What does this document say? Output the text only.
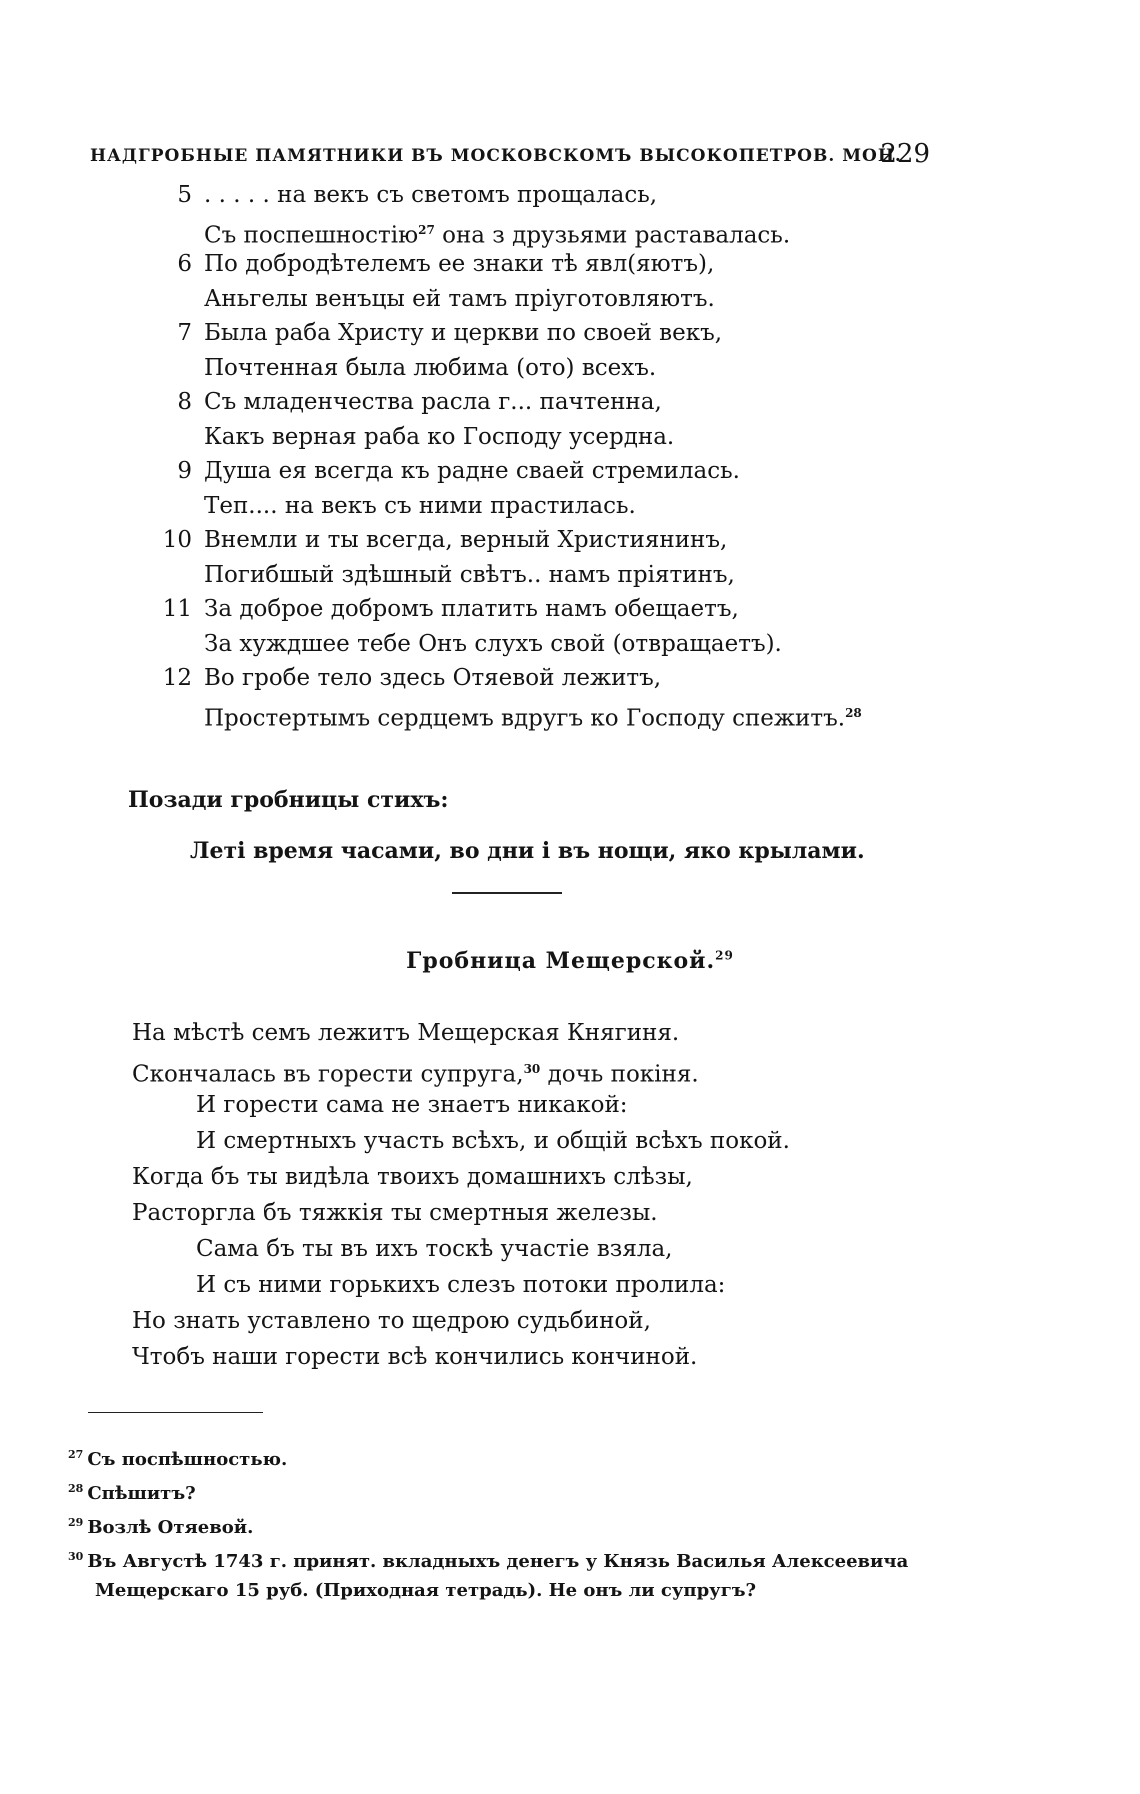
НАДГРОБНЫЕ ПАМЯТНИКИ ВЪ МОСКОВСКОМЪ ВЫСОКОПЕТРОВ. МОН.
229
5 . . . . . на векъ съ светомъ прощалась,
Съ поспешностію$^{27}$ она з друзьями раставалась.
6 По добродѣтелемъ ее знаки тѣ явл(яютъ),
Аньгелы венъцы ей тамъ пріуготовляютъ.
7 Была раба Христу и церкви по своей векъ,
Почтенная была любима (ото) всехъ.
8 Съ младенчества расла г... пачтенна,
Какъ верная раба ко Господу усердна.
9 Душа ея всегда къ радне сваей стремилась.
Теп.... на векъ съ ними прастилась.
10 Внемли и ты всегда, верный Християнинъ,
Погибшый здѣшный свѣтъ.. намъ пріятинъ,
11 За доброе добромъ платить намъ обещаетъ,
За хуждшее тебе Онъ слухъ свой (отвращаетъ).
12 Во гробе тело здесь Отяевой лежитъ,
Простертымъ сердцемъ вдругъ ко Господу спежитъ.$^{28}$
Позади гробницы стихъ:
Леті время часами, во дни і въ нощи, яко крылами.
Гробница Мещерской.$^{29}$
На мѣстѣ семъ лежитъ Мещерская Княгиня.
Скончалась въ горести супруга,$^{30}$ дочь покіня.
И горести сама не знаетъ никакой:
И смертныхъ участь всѣхъ, и общій всѣхъ покой.
Когда бъ ты видѣла твоихъ домашнихъ слѣзы,
Расторгла бъ тяжкія ты смертныя железы.
Сама бъ ты въ ихъ тоскѣ участіе взяла,
И съ ними горькихъ слезъ потоки пролила:
Но знать уставлено то щедрою судьбиной,
Чтобъ наши горести всѣ кончились кончиной.
$^{27}$ Съ поспѣшностью.
$^{28}$ Спѣшитъ?
$^{29}$ Возлѣ Отяевой.
$^{30}$ Въ Августѣ 1743 г. принят. вкладныхъ денегъ у Князь Василья Алексеевича
Мещерскаго 15 руб. (Приходная тетрадь). Не онъ ли супругъ?
